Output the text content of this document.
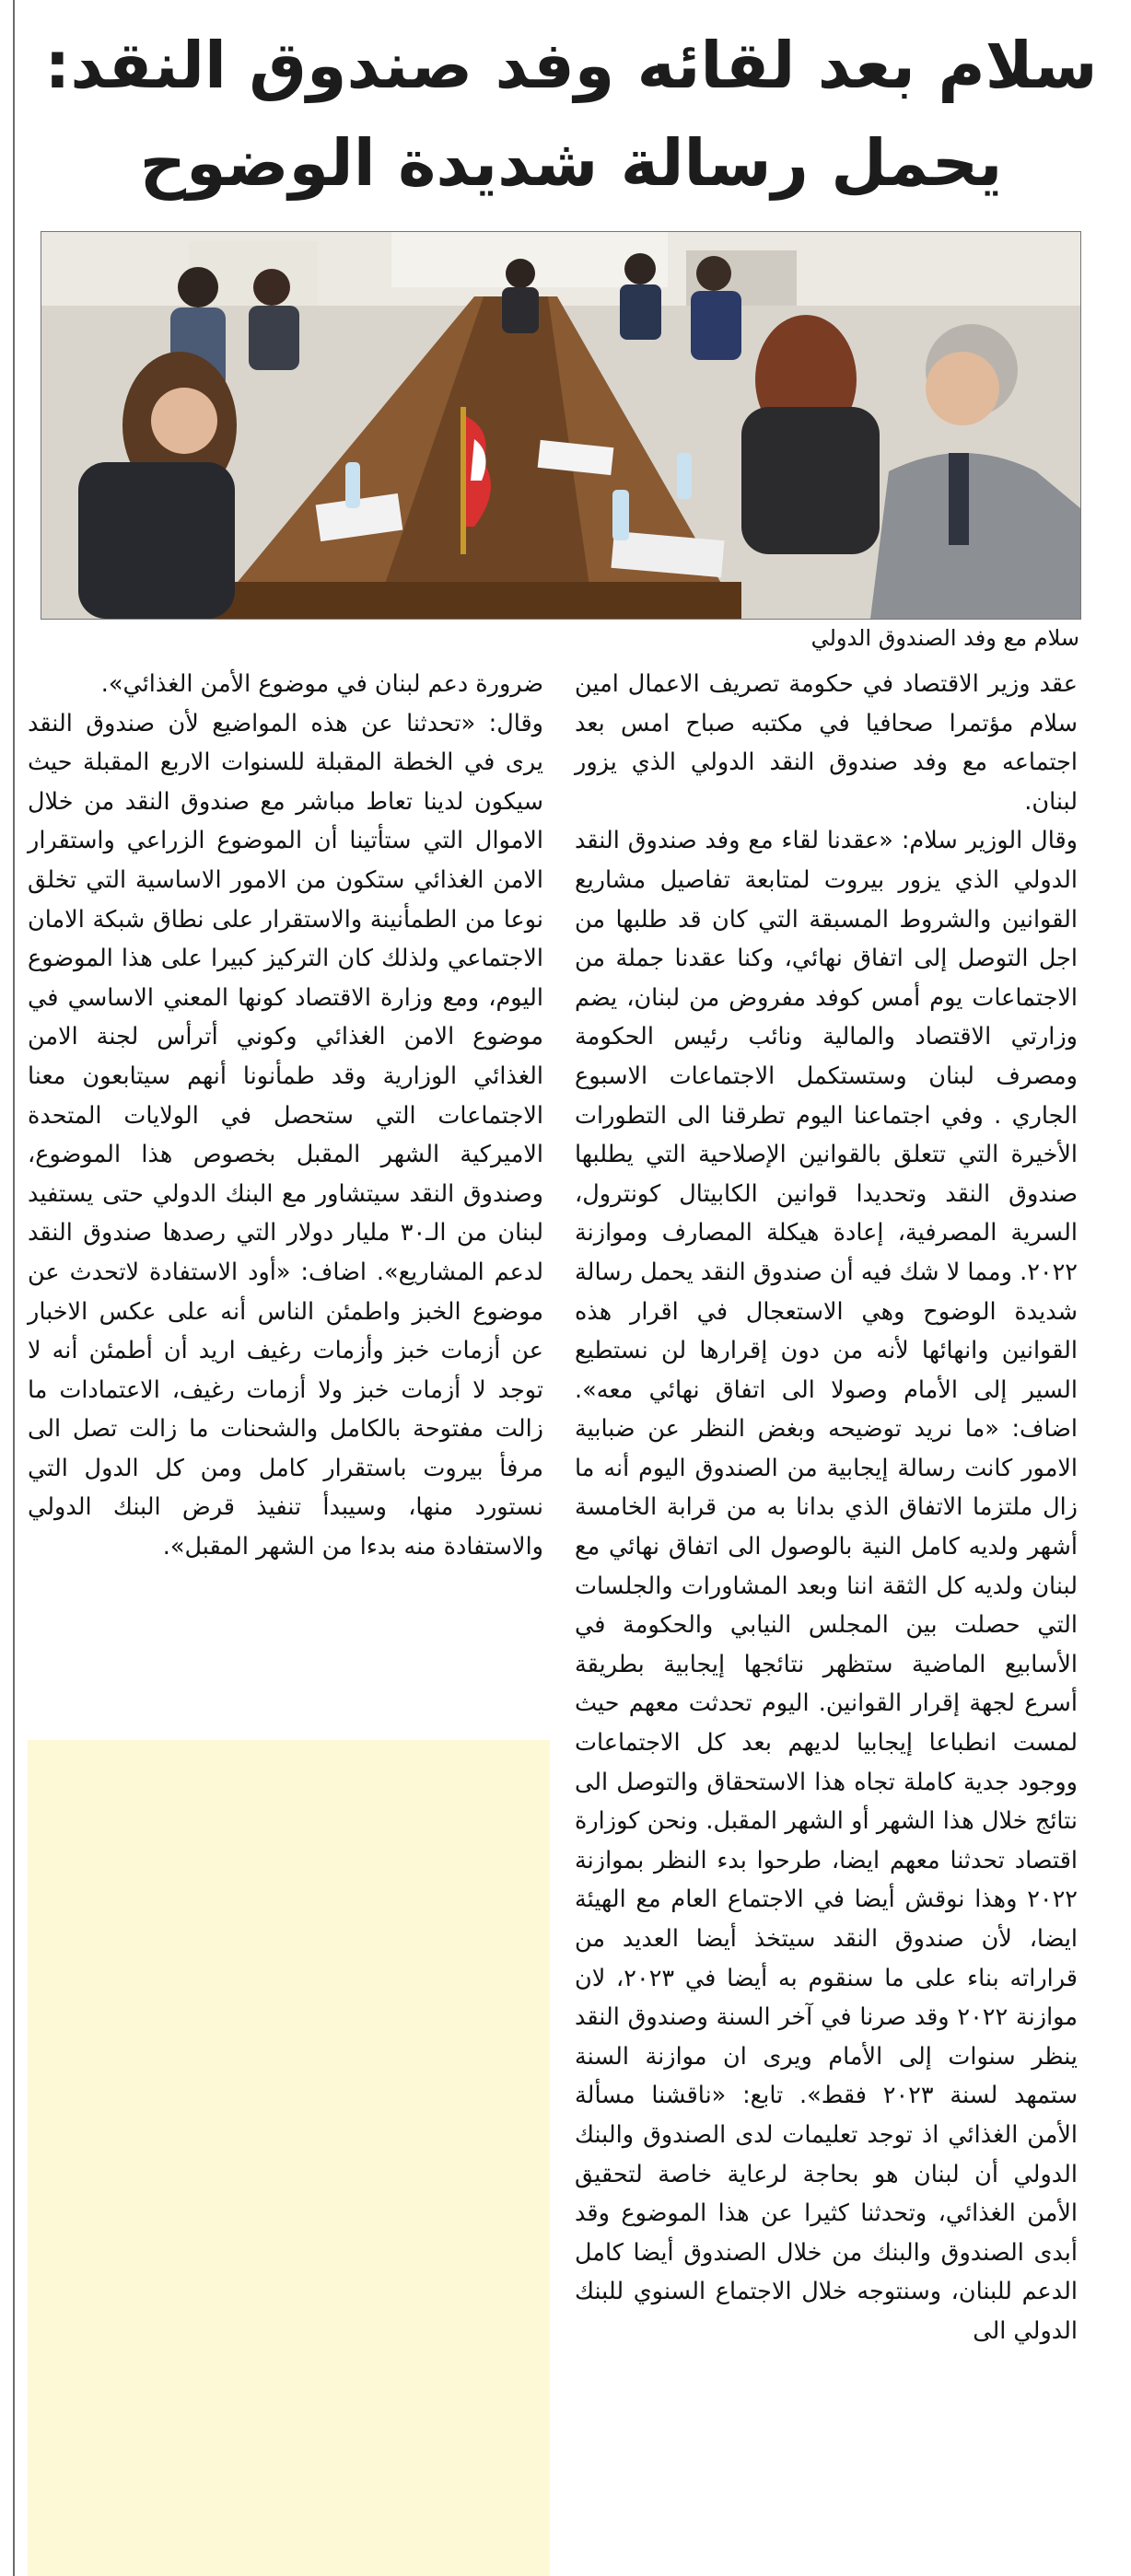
سلام بعد لقائه وفد صندوق النقد:
يحمل رسالة شديدة الوضوح
سلام مع وفد الصندوق الدولي

عقد وزير الاقتصاد في حكومة تصريف الاعمال امين سلام مؤتمرا صحافيا في مكتبه صباح امس بعد اجتماعه مع وفد صندوق النقد الدولي الذي يزور لبنان.

وقال الوزير سلام: «عقدنا لقاء مع وفد صندوق النقد الدولي الذي يزور بيروت لمتابعة تفاصيل مشاريع القوانين والشروط المسبقة التي كان قد طلبها من اجل التوصل إلى اتفاق نهائي، وكنا عقدنا جملة من الاجتماعات يوم أمس كوفد مفروض من لبنان، يضم وزارتي الاقتصاد والمالية ونائب رئيس الحكومة ومصرف لبنان وستستكمل الاجتماعات الاسبوع الجاري . وفي اجتماعنا اليوم تطرقنا الى التطورات الأخيرة التي تتعلق بالقوانين الإصلاحية التي يطلبها صندوق النقد وتحديدا قوانين الكابيتال كونترول، السرية المصرفية، إعادة هيكلة المصارف وموازنة ٢٠٢٢. ومما لا شك فيه أن صندوق النقد يحمل رسالة شديدة الوضوح وهي الاستعجال في اقرار هذه القوانين وانهائها لأنه من دون إقرارها لن نستطيع السير إلى الأمام وصولا الى اتفاق نهائي معه». اضاف: «ما نريد توضيحه وبغض النظر عن ضبابية الامور كانت رسالة إيجابية من الصندوق اليوم أنه ما زال ملتزما الاتفاق الذي بدانا به من قرابة الخامسة أشهر ولديه كامل النية بالوصول الى اتفاق نهائي مع لبنان ولديه كل الثقة اننا وبعد المشاورات والجلسات التي حصلت بين المجلس النيابي والحكومة في الأسابيع الماضية ستظهر نتائجها إيجابية بطريقة أسرع لجهة إقرار القوانين. اليوم تحدثت معهم حيث لمست انطباعا إيجابيا لديهم بعد كل الاجتماعات ووجود جدية كاملة تجاه هذا الاستحقاق والتوصل الى نتائج خلال هذا الشهر أو الشهر المقبل. ونحن كوزارة اقتصاد تحدثنا معهم ايضا، طرحوا بدء النظر بموازنة ٢٠٢٢ وهذا نوقش أيضا في الاجتماع العام مع الهيئة ايضا، لأن صندوق النقد سيتخذ أيضا العديد من قراراته بناء على ما سنقوم به أيضا في ٢٠٢٣، لان موازنة ٢٠٢٢ وقد صرنا في آخر السنة وصندوق النقد ينظر سنوات إلى الأمام ويرى ان موازنة السنة ستمهد لسنة ٢٠٢٣ فقط». تابع: «ناقشنا مسألة الأمن الغذائي اذ توجد تعليمات لدى الصندوق والبنك الدولي أن لبنان هو بحاجة لرعاية خاصة لتحقيق الأمن الغذائي، وتحدثنا كثيرا عن هذا الموضوع وقد أبدى الصندوق والبنك من خلال الصندوق أيضا كامل الدعم للبنان، وسنتوجه خلال الاجتماع السنوي للبنك الدولي الى

ضرورة دعم لبنان في موضوع الأمن الغذائي».

وقال: «تحدثنا عن هذه المواضيع لأن صندوق النقد يرى في الخطة المقبلة للسنوات الاربع المقبلة حيث سيكون لدينا تعاط مباشر مع صندوق النقد من خلال الاموال التي ستأتينا أن الموضوع الزراعي واستقرار الامن الغذائي ستكون من الامور الاساسية التي تخلق نوعا من الطمأنينة والاستقرار على نطاق شبكة الامان الاجتماعي ولذلك كان التركيز كبيرا على هذا الموضوع اليوم، ومع وزارة الاقتصاد كونها المعني الاساسي في موضوع الامن الغذائي وكوني أترأس لجنة الامن الغذائي الوزارية وقد طمأنونا أنهم سيتابعون معنا الاجتماعات التي ستحصل في الولايات المتحدة الاميركية الشهر المقبل بخصوص هذا الموضوع، وصندوق النقد سيتشاور مع البنك الدولي حتى يستفيد لبنان من الـ٣٠ مليار دولار التي رصدها صندوق النقد لدعم المشاريع». اضاف: «أود الاستفادة لاتحدث عن موضوع الخبز واطمئن الناس أنه على عكس الاخبار عن أزمات خبز وأزمات رغيف اريد أن أطمئن أنه لا توجد لا أزمات خبز ولا أزمات رغيف، الاعتمادات ما زالت مفتوحة بالكامل والشحنات ما زالت تصل الى مرفأ بيروت باستقرار كامل ومن كل الدول التي نستورد منها، وسيبدأ تنفيذ قرض البنك الدولي والاستفادة منه بدءا من الشهر المقبل».
